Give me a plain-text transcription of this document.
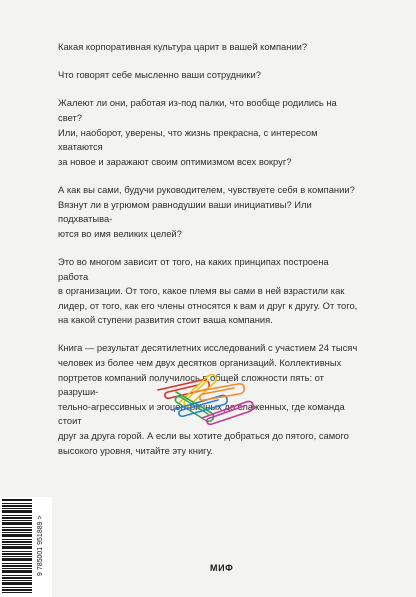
Какая корпоративная культура царит в вашей компании?

Что говорят себе мысленно ваши сотрудники?

Жалеют ли они, работая из-под палки, что вообще родились на свет?
Или, наоборот, уверены, что жизнь прекрасна, с интересом хватаются
за новое и заражают своим оптимизмом всех вокруг?

А как вы сами, будучи руководителем, чувствуете себя в компании?
Вязнут ли в угрюмом равнодушии ваши инициативы? Или подхватыва-
ются во имя великих целей?

Это во многом зависит от того, на каких принципах построена работа
в организации. От того, какое племя вы сами в ней взрастили как
лидер, от того, как его члены относятся к вам и друг к другу. От того,
на какой ступени развития стоит ваша компания.

Книга — результат десятилетних исследований с участием 24 тысяч
человек из более чем двух десятков организаций. Коллективных
портретов компаний получилось в общей сложности пять: от разруши-
тельно-агрессивных и эгоцентричных до слаженных, где команда стоит
друг за друга горой. А если вы хотите добраться до пятого, самого
высокого уровня, читайте эту книгу.

9 785001 951889 >	МИФ
